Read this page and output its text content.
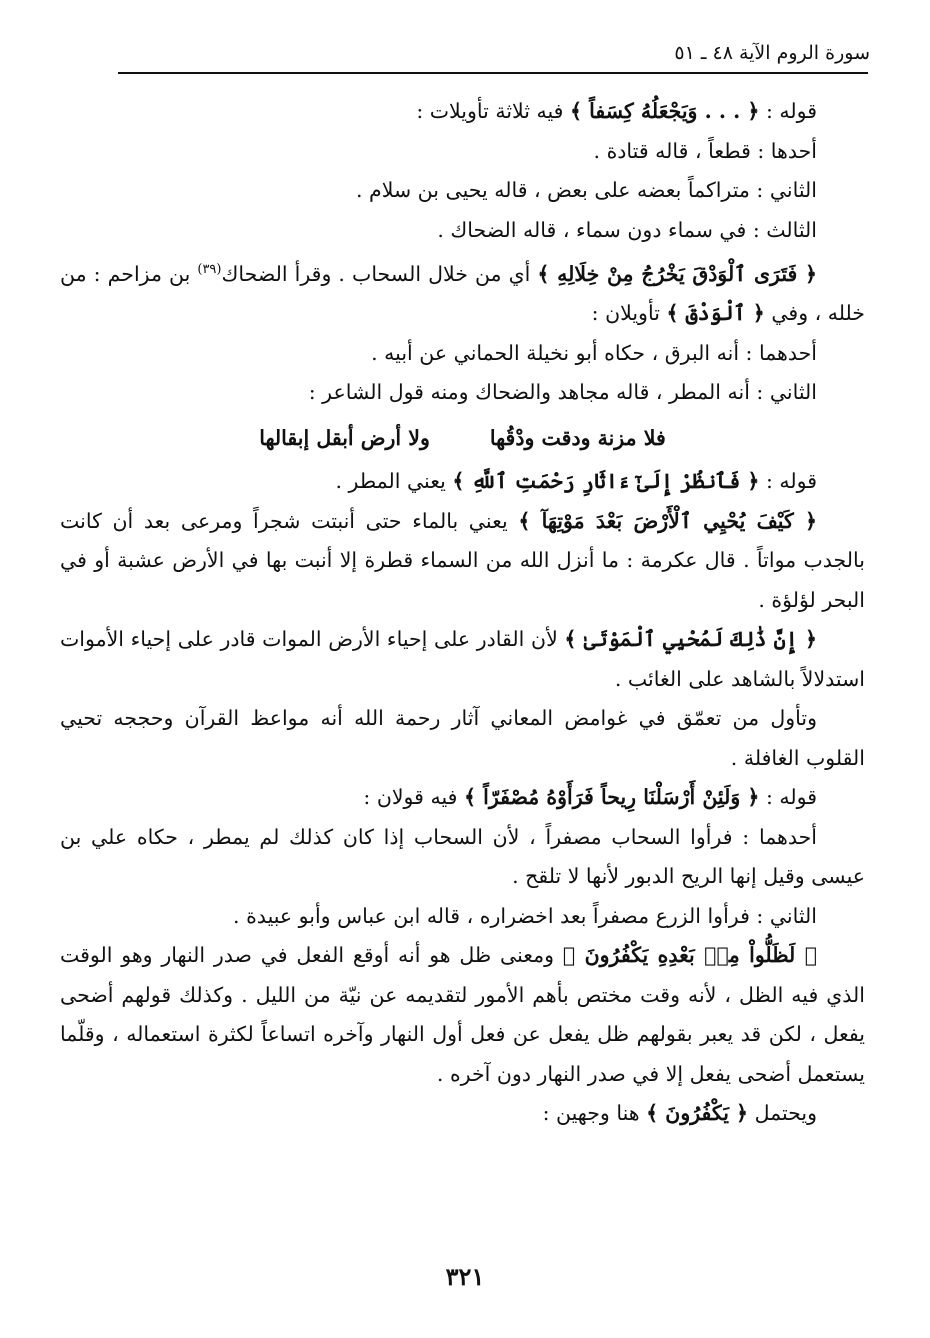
سورة الروم الآية ٤٨ ـ ٥١

قوله : ﴿ . . . وَيَجْعَلُهُ كِسَفاً ﴾ فيه ثلاثة تأويلات :

أحدها : قطعاً ، قاله قتادة .

الثاني : متراكماً بعضه على بعض ، قاله يحيى بن سلام .

الثالث : في سماء دون سماء ، قاله الضحاك .

﴿ فَتَرَى ٱلْوَدْقَ يَخْرُجُ مِنْ خِلَالِهِ ﴾ أي من خلال السحاب . وقرأ الضحاك$^{(٣٩)}$ بن مزاحم : من خلله ، وفي ﴿ ٱلْوَدْقَ ﴾ تأويلان :

أحدهما : أنه البرق ، حكاه أبو نخيلة الحماني عن أبيه .

الثاني : أنه المطر ، قاله مجاهد والضحاك ومنه قول الشاعر :

فلا مزنة ودقت ودْقُها
ولا أرض أبقل إبقالها

قوله : ﴿ فَٱنظُرْ إِلَىٰٓ ءَاثَارِ رَحْمَتِ ٱللَّهِ ﴾ يعني المطر .

﴿ كَيْفَ يُحْيِي ٱلْأَرْضَ بَعْدَ مَوْتِهَآ ﴾ يعني بالماء حتى أنبتت شجراً ومرعى بعد أن كانت بالجدب مواتاً . قال عكرمة : ما أنزل الله من السماء قطرة إلا أنبت بها في الأرض عشبة أو في البحر لؤلؤة .

﴿ إِنَّ ذَٰلِكَ لَمُحْيِي ٱلْمَوْتَىٰ ﴾ لأن القادر على إحياء الأرض الموات قادر على إحياء الأموات استدلالاً بالشاهد على الغائب .

وتأول من تعمّق في غوامض المعاني آثار رحمة الله أنه مواعظ القرآن وحججه تحيي القلوب الغافلة .

قوله : ﴿ وَلَئِنْ أَرْسَلْنَا رِيحاً فَرَأَوْهُ مُصْفَرّاً ﴾ فيه قولان :

أحدهما : فرأوا السحاب مصفراً ، لأن السحاب إذا كان كذلك لم يمطر ، حكاه علي بن عيسى وقيل إنها الريح الدبور لأنها لا تلقح .

الثاني : فرأوا الزرع مصفراً بعد اخضراره ، قاله ابن عباس وأبو عبيدة .

﴿ لَظَلُّواْ مِنۢ بَعْدِهِ يَكْفُرُونَ ﴾ ومعنى ظل هو أنه أوقع الفعل في صدر النهار وهو الوقت الذي فيه الظل ، لأنه وقت مختص بأهم الأمور لتقديمه عن نيّة من الليل . وكذلك قولهم أضحى يفعل ، لكن قد يعبر بقولهم ظل يفعل عن فعل أول النهار وآخره اتساعاً لكثرة استعماله ، وقلّما يستعمل أضحى يفعل إلا في صدر النهار دون آخره .

ويحتمل ﴿ يَكْفُرُونَ ﴾ هنا وجهين :

٣٢١
